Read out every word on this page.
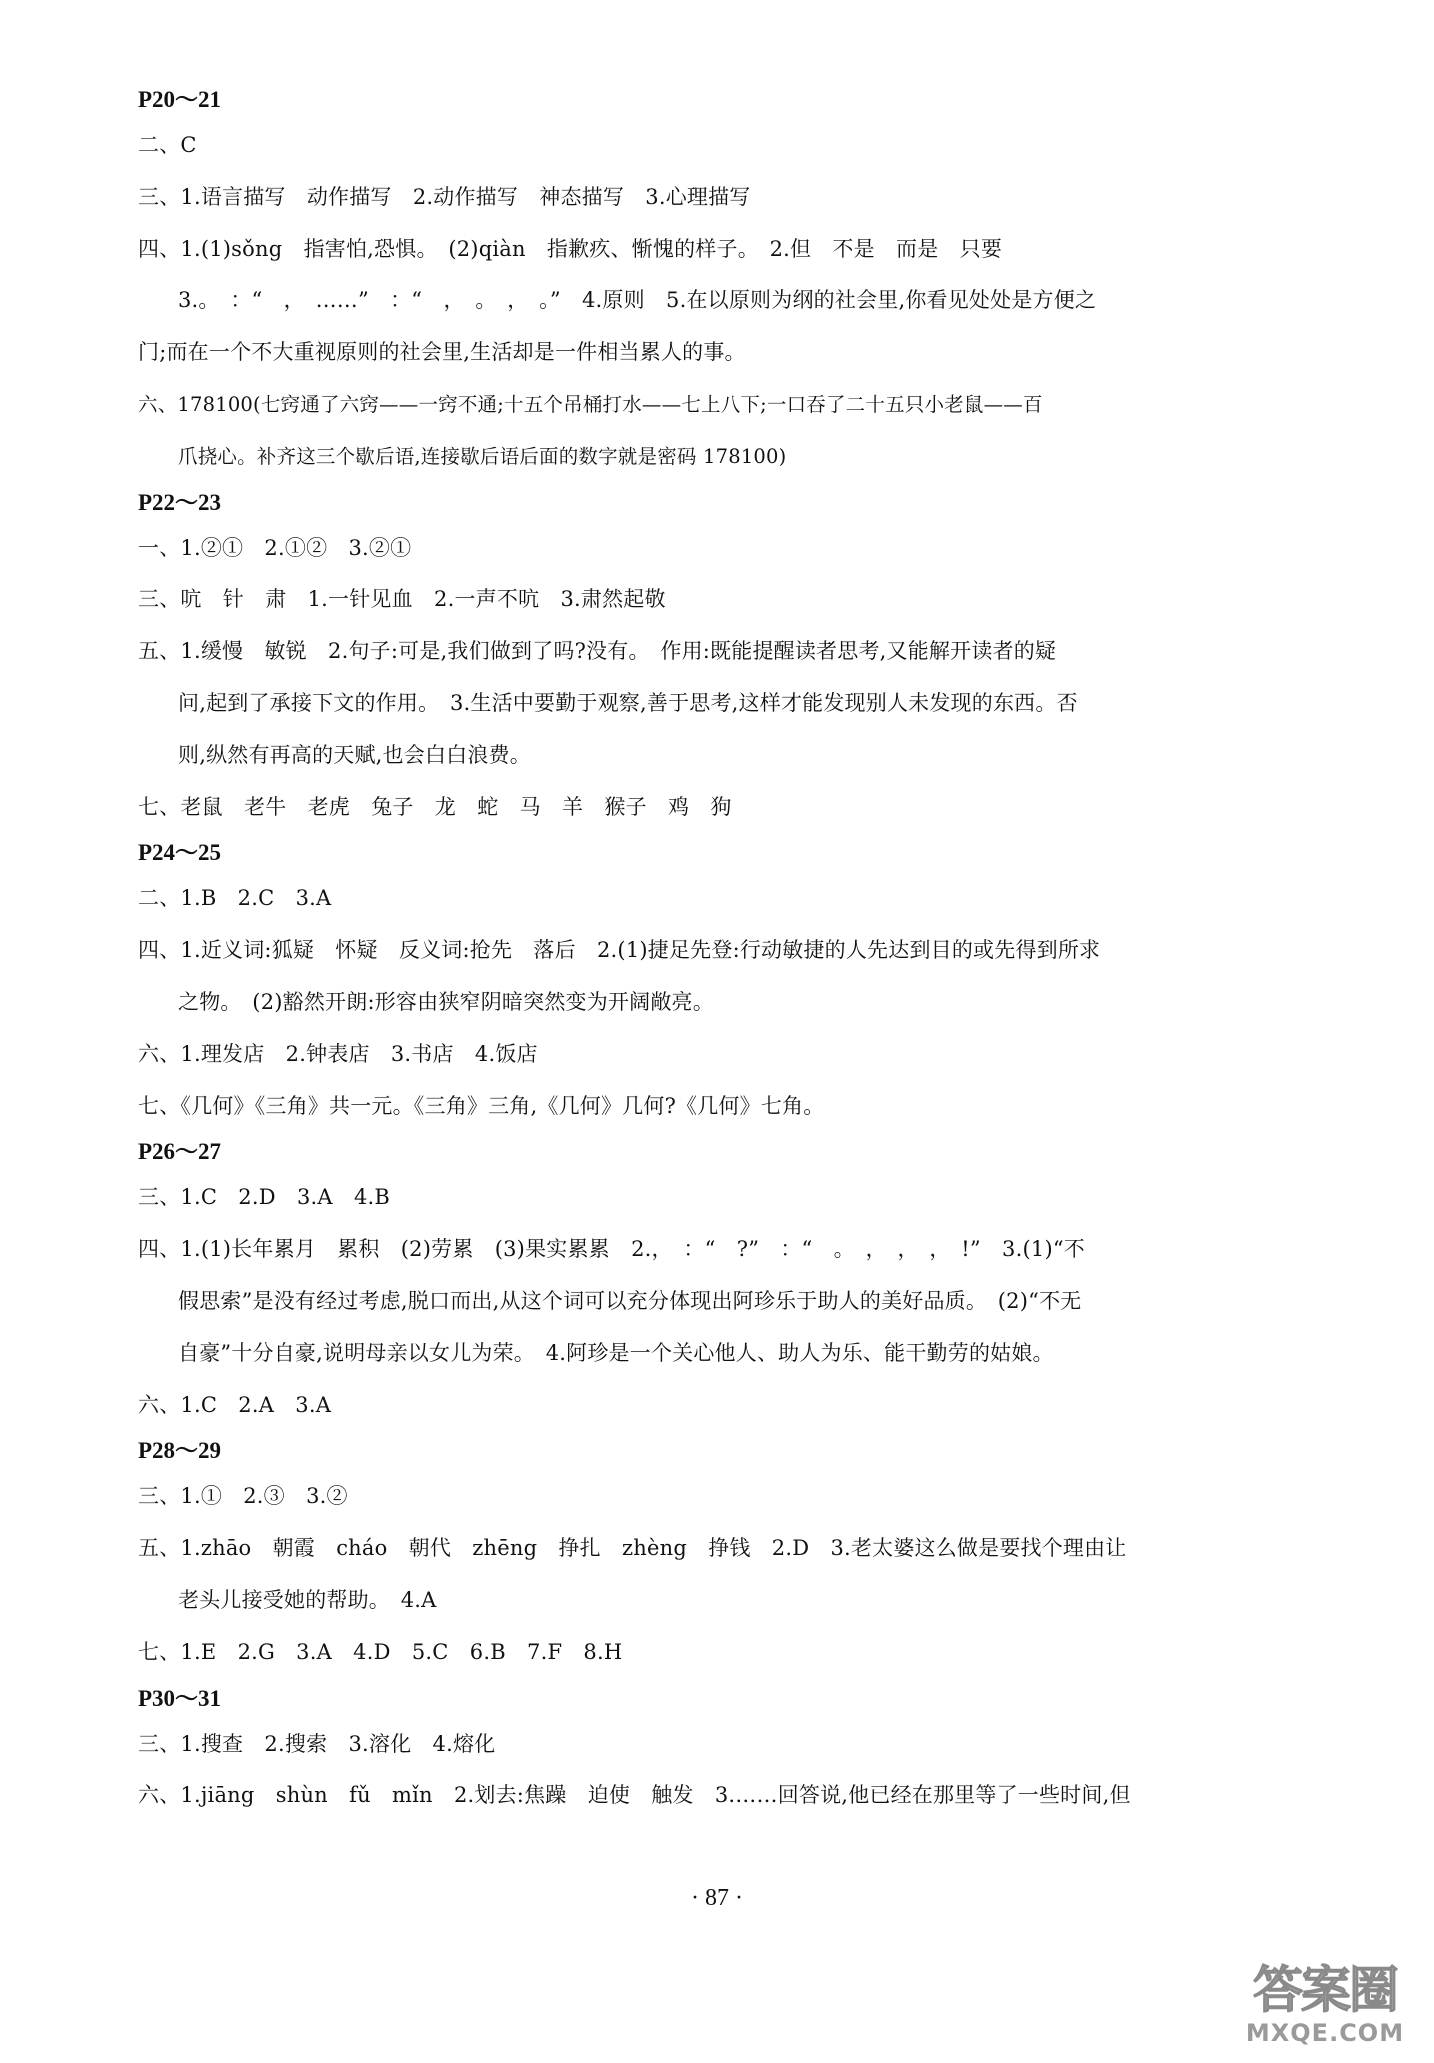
P20～21
二、C
三、1.语言描写　动作描写　2.动作描写　神态描写　3.心理描写
四、1.(1)sǒng　指害怕,恐惧。　(2)qiàn　指歉疚、惭愧的样子。　2.但　不是　而是　只要
3.。　：“　，　……”　：“　，　。　，　。”　4.原则　5.在以原则为纲的社会里,你看见处处是方便之
门;而在一个不大重视原则的社会里,生活却是一件相当累人的事。
六、178100(七窍通了六窍——一窍不通;十五个吊桶打水——七上八下;一口吞了二十五只小老鼠——百
爪挠心。补齐这三个歇后语,连接歇后语后面的数字就是密码 178100)
P22～23
一、1.②①　2.①②　3.②①
三、吭　针　肃　1.一针见血　2.一声不吭　3.肃然起敬
五、1.缓慢　敏锐　2.句子:可是,我们做到了吗?没有。　作用:既能提醒读者思考,又能解开读者的疑
问,起到了承接下文的作用。　3.生活中要勤于观察,善于思考,这样才能发现别人未发现的东西。否
则,纵然有再高的天赋,也会白白浪费。
七、老鼠　老牛　老虎　兔子　龙　蛇　马　羊　猴子　鸡　狗
P24～25
二、1.B　2.C　3.A
四、1.近义词:狐疑　怀疑　反义词:抢先　落后　2.(1)捷足先登:行动敏捷的人先达到目的或先得到所求
之物。　(2)豁然开朗:形容由狭窄阴暗突然变为开阔敞亮。
六、1.理发店　2.钟表店　3.书店　4.饭店
七、《几何》《三角》共一元。《三角》三角,《几何》几何?《几何》七角。
P26～27
三、1.C　2.D　3.A　4.B
四、1.(1)长年累月　累积　(2)劳累　(3)果实累累　2.，　：“　?”　：“　。　，　，　，　!”　3.(1)“不
假思索”是没有经过考虑,脱口而出,从这个词可以充分体现出阿珍乐于助人的美好品质。　(2)“不无
自豪”十分自豪,说明母亲以女儿为荣。　4.阿珍是一个关心他人、助人为乐、能干勤劳的姑娘。
六、1.C　2.A　3.A
P28～29
三、1.①　2.③　3.②
五、1.zhāo　朝霞　cháo　朝代　zhēng　挣扎　zhèng　挣钱　2.D　3.老太婆这么做是要找个理由让
老头儿接受她的帮助。　4.A
七、1.E　2.G　3.A　4.D　5.C　6.B　7.F　8.H
P30～31
三、1.搜查　2.搜索　3.溶化　4.熔化
六、1.jiāng　shùn　fǔ　mǐn　2.划去:焦躁　迫使　触发　3.……回答说,他已经在那里等了一些时间,但
· 87 ·
答案圈
MXQE.COM
